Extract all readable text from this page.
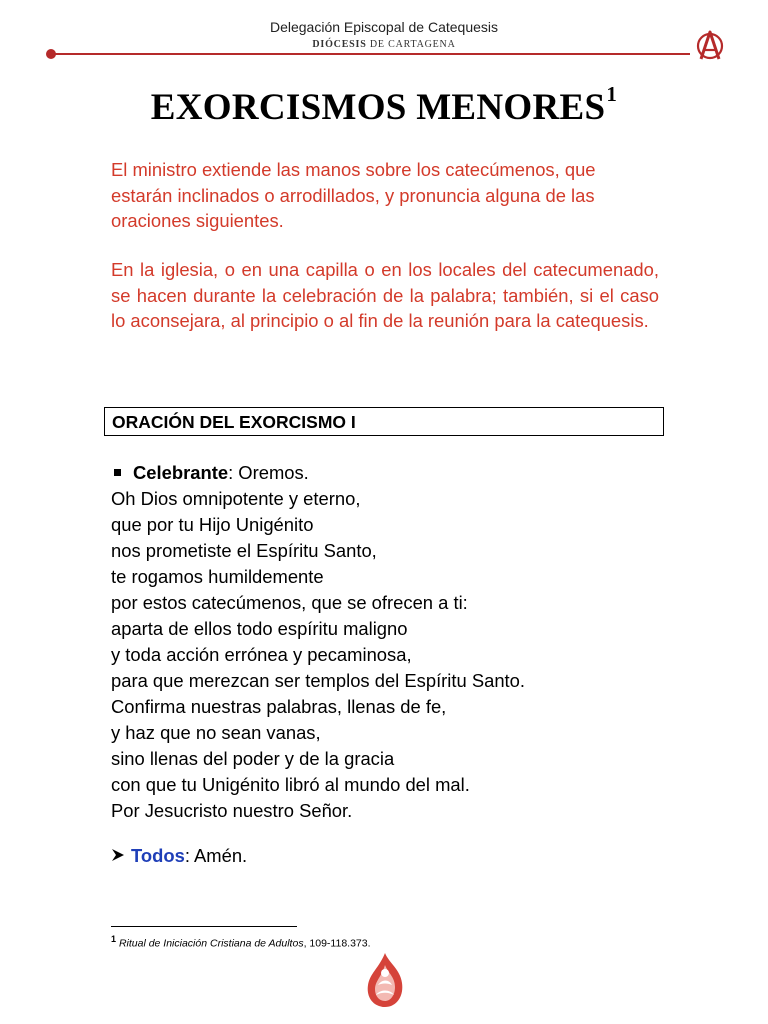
Delegación Episcopal de Catequesis
DIÓCESIS DE CARTAGENA
EXORCISMOS MENORES$^1$
El ministro extiende las manos sobre los catecúmenos, que estarán inclinados o arrodillados, y pronuncia alguna de las oraciones siguientes.
En la iglesia, o en una capilla o en los locales del catecumenado, se hacen durante la celebración de la palabra; también, si el caso lo aconsejara, al principio o al fin de la reunión para la catequesis.
ORACIÓN DEL EXORCISMO I
Celebrante: Oremos.
Oh Dios omnipotente y eterno,
que por tu Hijo Unigénito
nos prometiste el Espíritu Santo,
te rogamos humildemente
por estos catecúmenos, que se ofrecen a ti:
aparta de ellos todo espíritu maligno
y toda acción errónea y pecaminosa,
para que merezcan ser templos del Espíritu Santo.
Confirma nuestras palabras, llenas de fe,
y haz que no sean vanas,
sino llenas del poder y de la gracia
con que tu Unigénito libró al mundo del mal.
Por Jesucristo nuestro Señor.
Todos: Amén.
$^1$ Ritual de Iniciación Cristiana de Adultos, 109-118.373.
